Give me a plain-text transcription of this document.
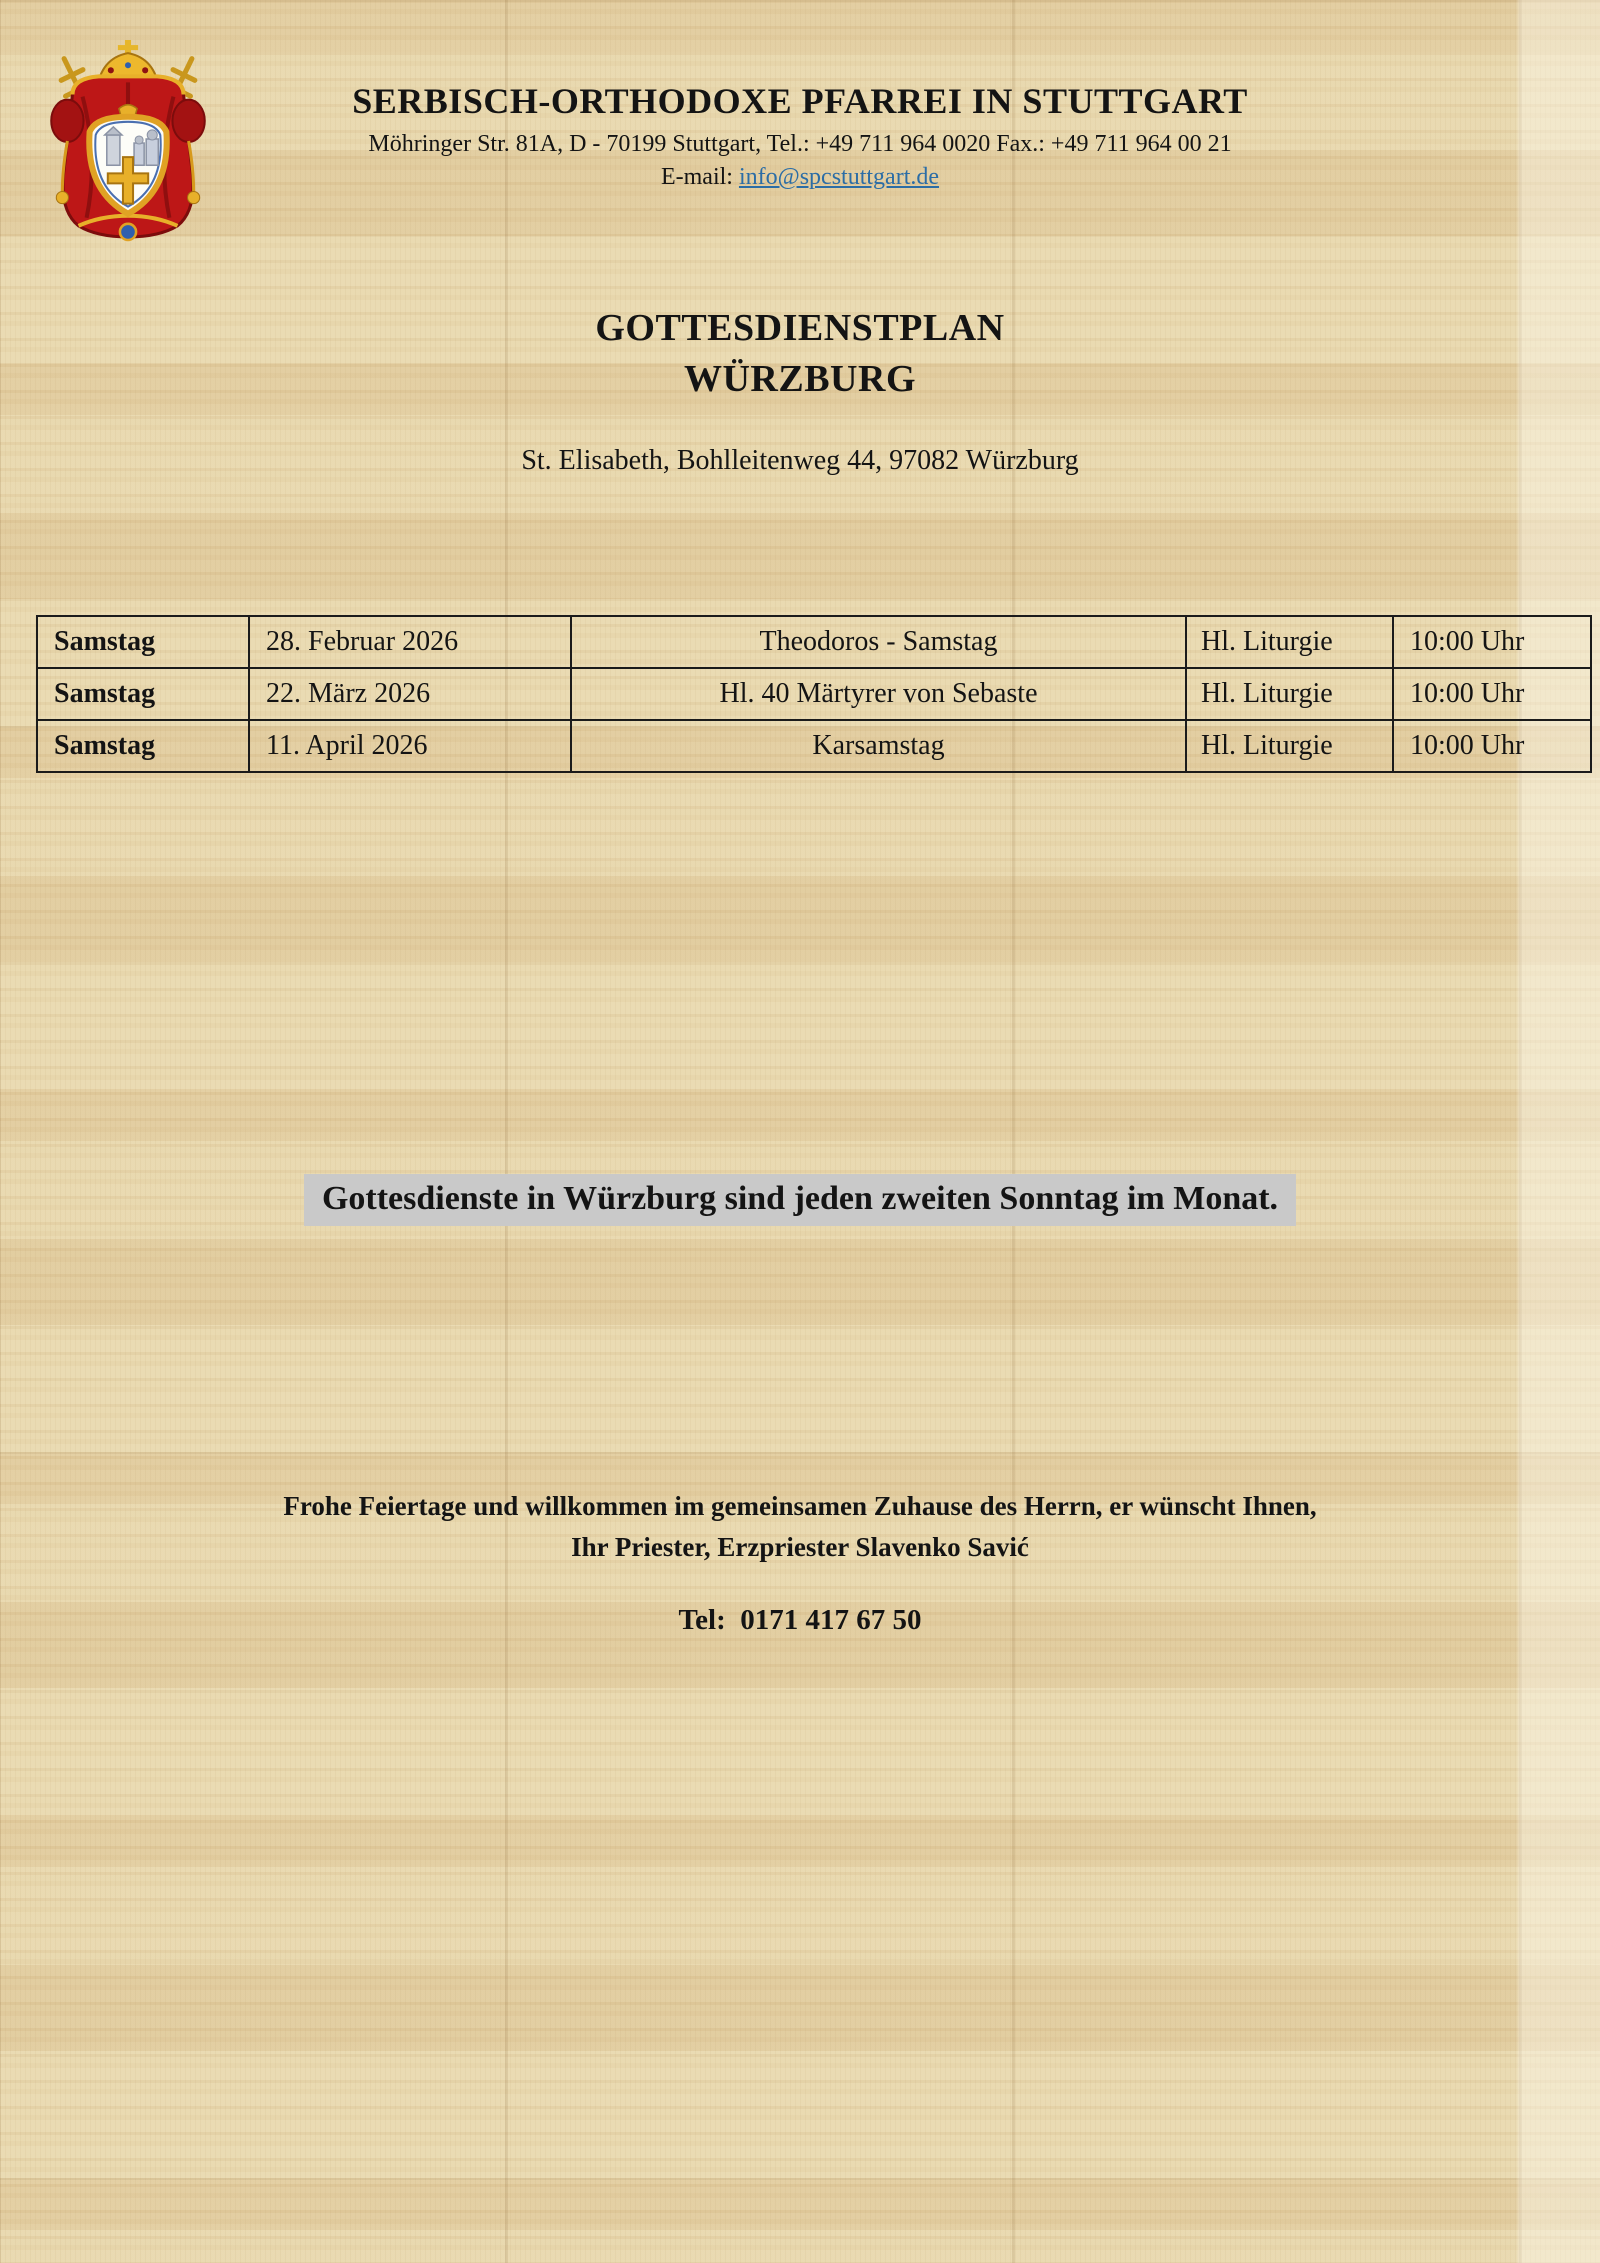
SERBISCH-ORTHODOXE PFARREI IN STUTTGART
Möhringer Str. 81A, D - 70199 Stuttgart, Tel.: +49 711 964 0020 Fax.: +49 711 964 00 21
E-mail: info@spcstuttgart.de
GOTTESDIENSTPLAN
WÜRZBURG
St. Elisabeth, Bohlleitenweg 44, 97082 Würzburg
Samstag	28. Februar 2026	Theodoros - Samstag	Hl. Liturgie	10:00 Uhr
Samstag	22. März 2026	Hl. 40 Märtyrer von Sebaste	Hl. Liturgie	10:00 Uhr
Samstag	11. April 2026	Karsamstag	Hl. Liturgie	10:00 Uhr
Gottesdienste in Würzburg sind jeden zweiten Sonntag im Monat.
Frohe Feiertage und willkommen im gemeinsamen Zuhause des Herrn, er wünscht Ihnen,
Ihr Priester, Erzpriester Slavenko Savić
Tel:  0171 417 67 50
